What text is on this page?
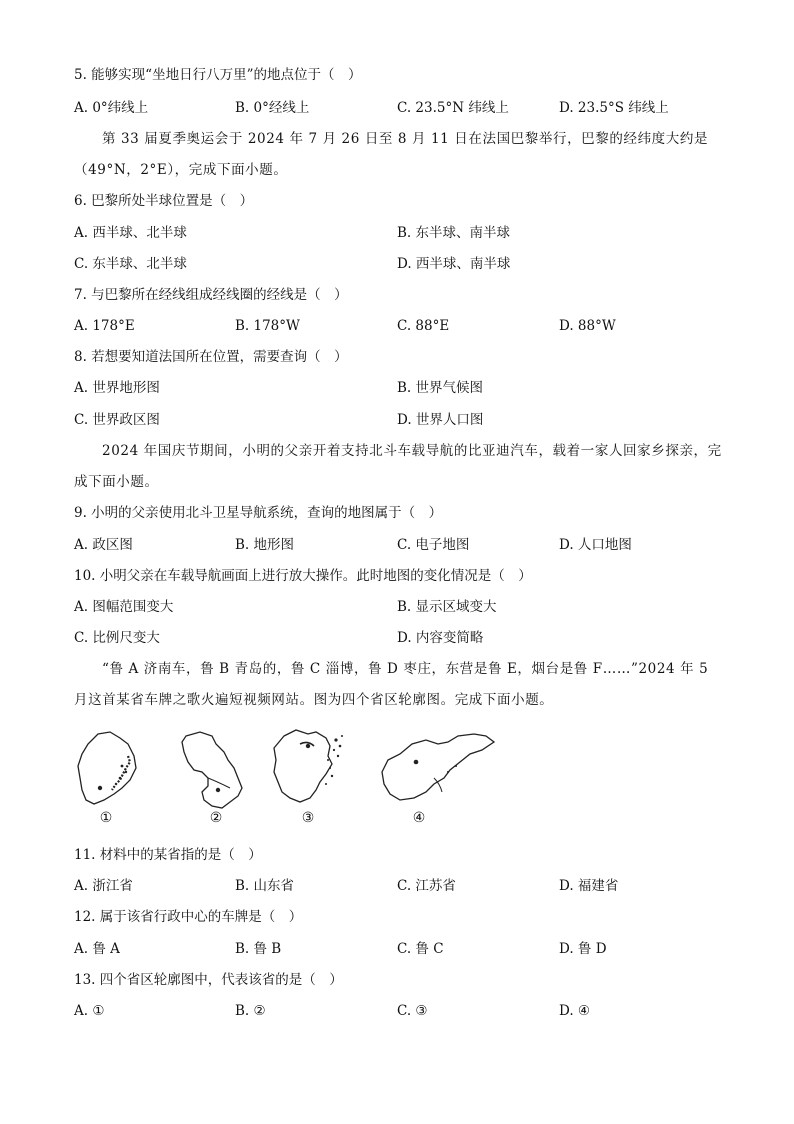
5. 能够实现“坐地日行八万里”的地点位于（　）
A. 0°纬线上	B. 0°经线上	C. 23.5°N 纬线上	D. 23.5°S 纬线上
第 33 届夏季奥运会于 2024 年 7 月 26 日至 8 月 11 日在法国巴黎举行，巴黎的经纬度大约是（49°N，2°E），完成下面小题。
6. 巴黎所处半球位置是（　）
A. 西半球、北半球	B. 东半球、南半球
C. 东半球、北半球	D. 西半球、南半球
7. 与巴黎所在经线组成经线圈的经线是（　）
A. 178°E	B. 178°W	C. 88°E	D. 88°W
8. 若想要知道法国所在位置，需要查询（　）
A. 世界地形图	B. 世界气候图
C. 世界政区图	D. 世界人口图
2024 年国庆节期间，小明的父亲开着支持北斗车载导航的比亚迪汽车，载着一家人回家乡探亲，完成下面小题。
9. 小明的父亲使用北斗卫星导航系统，查询的地图属于（　）
A. 政区图	B. 地形图	C. 电子地图	D. 人口地图
10. 小明父亲在车载导航画面上进行放大操作。此时地图的变化情况是（　）
A. 图幅范围变大	B. 显示区域变大
C. 比例尺变大	D. 内容变简略
“鲁 A 济南车，鲁 B 青岛的，鲁 C 淄博，鲁 D 枣庄，东营是鲁 E，烟台是鲁 F……”2024 年 5 月这首某省车牌之歌火遍短视频网站。图为四个省区轮廓图。完成下面小题。
①	②	③	④
11. 材料中的某省指的是（　）
A. 浙江省	B. 山东省	C. 江苏省	D. 福建省
12. 属于该省行政中心的车牌是（　）
A. 鲁 A	B. 鲁 B	C. 鲁 C	D. 鲁 D
13. 四个省区轮廓图中，代表该省的是（　）
A. ①	B. ②	C. ③	D. ④
